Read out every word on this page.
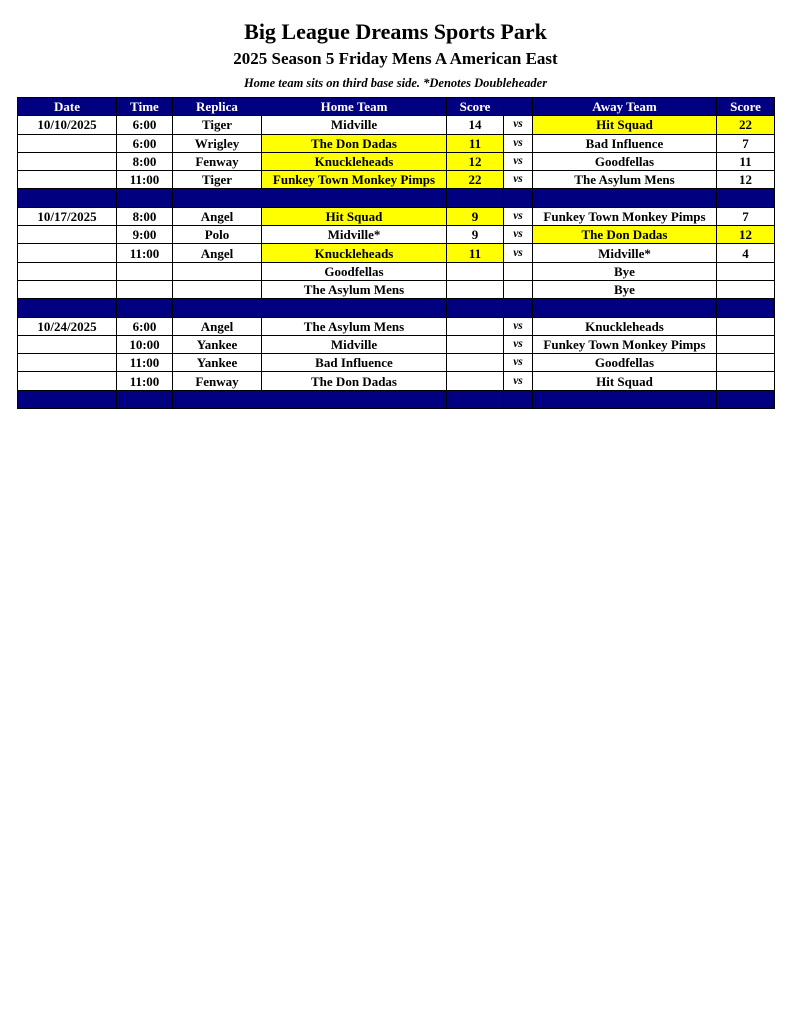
Big League Dreams Sports Park
2025 Season 5 Friday Mens A American East
Home team sits on third base side. *Denotes Doubleheader
Date	Time	Replica	Home Team	Score		Away Team	Score
10/10/2025	6:00	Tiger	Midville	14	vs	Hit Squad	22
	6:00	Wrigley	The Don Dadas	11	vs	Bad Influence	7
	8:00	Fenway	Knuckleheads	12	vs	Goodfellas	11
	11:00	Tiger	Funkey Town Monkey Pimps	22	vs	The Asylum Mens	12

10/17/2025	8:00	Angel	Hit Squad	9	vs	Funkey Town Monkey Pimps	7
	9:00	Polo	Midville*	9	vs	The Don Dadas	12
	11:00	Angel	Knuckleheads	11	vs	Midville*	4
			Goodfellas			Bye	
			The Asylum Mens			Bye	

10/24/2025	6:00	Angel	The Asylum Mens		vs	Knuckleheads	
	10:00	Yankee	Midville		vs	Funkey Town Monkey Pimps	
	11:00	Yankee	Bad Influence		vs	Goodfellas	
	11:00	Fenway	The Don Dadas		vs	Hit Squad	
